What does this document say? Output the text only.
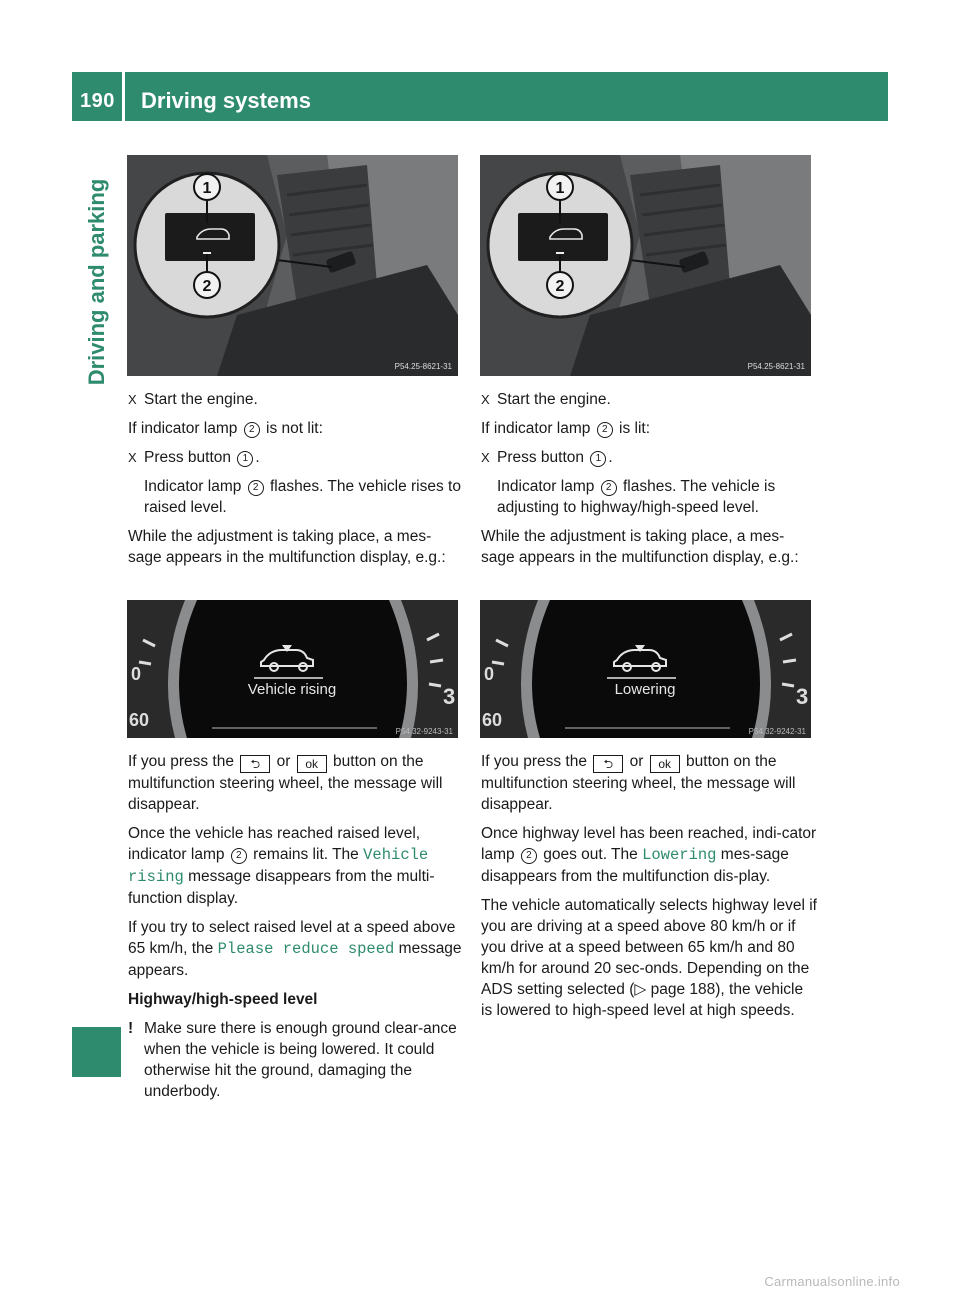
190 Driving systems
Driving and parking	1
2
P54.25-8621-31
1
2
P54.25-8621-31
0
60
3
Vehicle rising
P54.32-9243-31
0
60
3
Lowering
P54.32-9242-31

X Start the engine.

If indicator lamp 2 is not lit:

X Press button 1 .

Indicator lamp 2 flashes. The vehicle rises to raised level.

While the adjustment is taking place, a mes-sage appears in the multifunction display, e.g.:

If you press the ⮌ or ok button on the multifunction steering wheel, the message will disappear.

Once the vehicle has reached raised level, indicator lamp 2 remains lit. The Vehicle rising message disappears from the multi-function display.

If you try to select raised level at a speed above 65 km/h, the Please reduce speed message appears.

Highway/high-speed level

! Make sure there is enough ground clear-ance when the vehicle is being lowered. It could otherwise hit the ground, damaging the underbody.

X Start the engine.

If indicator lamp 2 is lit:

X Press button 1 .

Indicator lamp 2 flashes. The vehicle is adjusting to highway/high-speed level.

While the adjustment is taking place, a mes-sage appears in the multifunction display, e.g.:

If you press the ⮌ or ok button on the multifunction steering wheel, the message will disappear.

Once highway level has been reached, indi-cator lamp 2 goes out. The Lowering mes-sage disappears from the multifunction dis-play.

The vehicle automatically selects highway level if you are driving at a speed above 80 km/h or if you drive at a speed between 65 km/h and 80 km/h for around 20 sec-onds. Depending on the ADS setting selected (▷ page 188), the vehicle is lowered to high-speed level at high speeds.

Carmanualsonline.info
